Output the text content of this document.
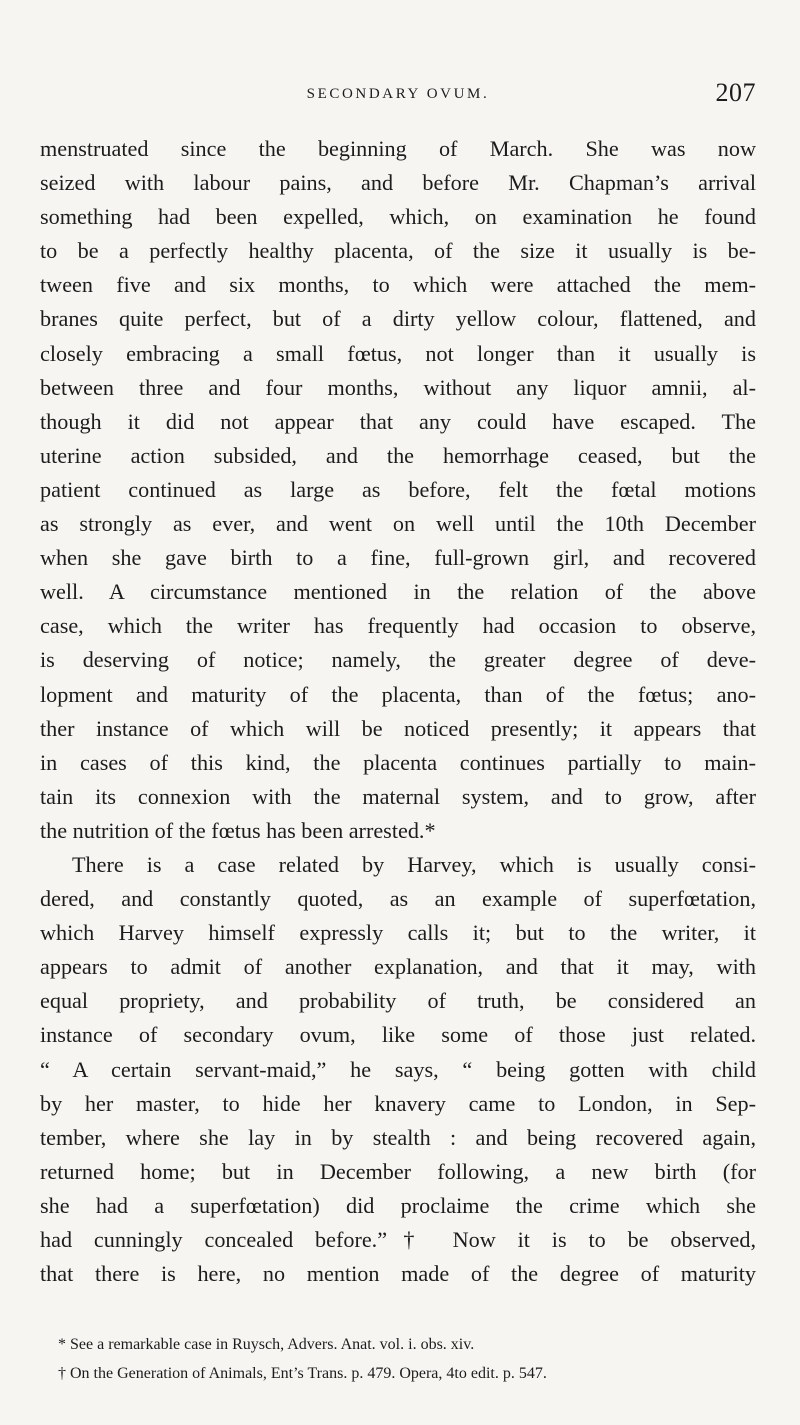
SECONDARY OVUM.	207
menstruated since the beginning of March. She was now
seized with labour pains, and before Mr. Chapman’s arrival
something had been expelled, which, on examination he found
to be a perfectly healthy placenta, of the size it usually is be-
tween five and six months, to which were attached the mem-
branes quite perfect, but of a dirty yellow colour, flattened, and
closely embracing a small fœtus, not longer than it usually is
between three and four months, without any liquor amnii, al-
though it did not appear that any could have escaped. The
uterine action subsided, and the hemorrhage ceased, but the
patient continued as large as before, felt the fœtal motions
as strongly as ever, and went on well until the 10th December
when she gave birth to a fine, full-grown girl, and recovered
well. A circumstance mentioned in the relation of the above
case, which the writer has frequently had occasion to observe,
is deserving of notice; namely, the greater degree of deve-
lopment and maturity of the placenta, than of the fœtus; ano-
ther instance of which will be noticed presently; it appears that
in cases of this kind, the placenta continues partially to main-
tain its connexion with the maternal system, and to grow, after
the nutrition of the fœtus has been arrested.*
There is a case related by Harvey, which is usually consi-
dered, and constantly quoted, as an example of superfœtation,
which Harvey himself expressly calls it; but to the writer, it
appears to admit of another explanation, and that it may, with
equal propriety, and probability of truth, be considered an
instance of secondary ovum, like some of those just related.
“ A certain servant-maid,” he says, “ being gotten with child
by her master, to hide her knavery came to London, in Sep-
tember, where she lay in by stealth : and being recovered again,
returned home; but in December following, a new birth (for
she had a superfœtation) did proclaime the crime which she
had cunningly concealed before.”† Now it is to be observed,
that there is here, no mention made of the degree of maturity
* See a remarkable case in Ruysch, Advers. Anat. vol. i. obs. xiv.
† On the Generation of Animals, Ent’s Trans. p. 479. Opera, 4to edit. p. 547.
